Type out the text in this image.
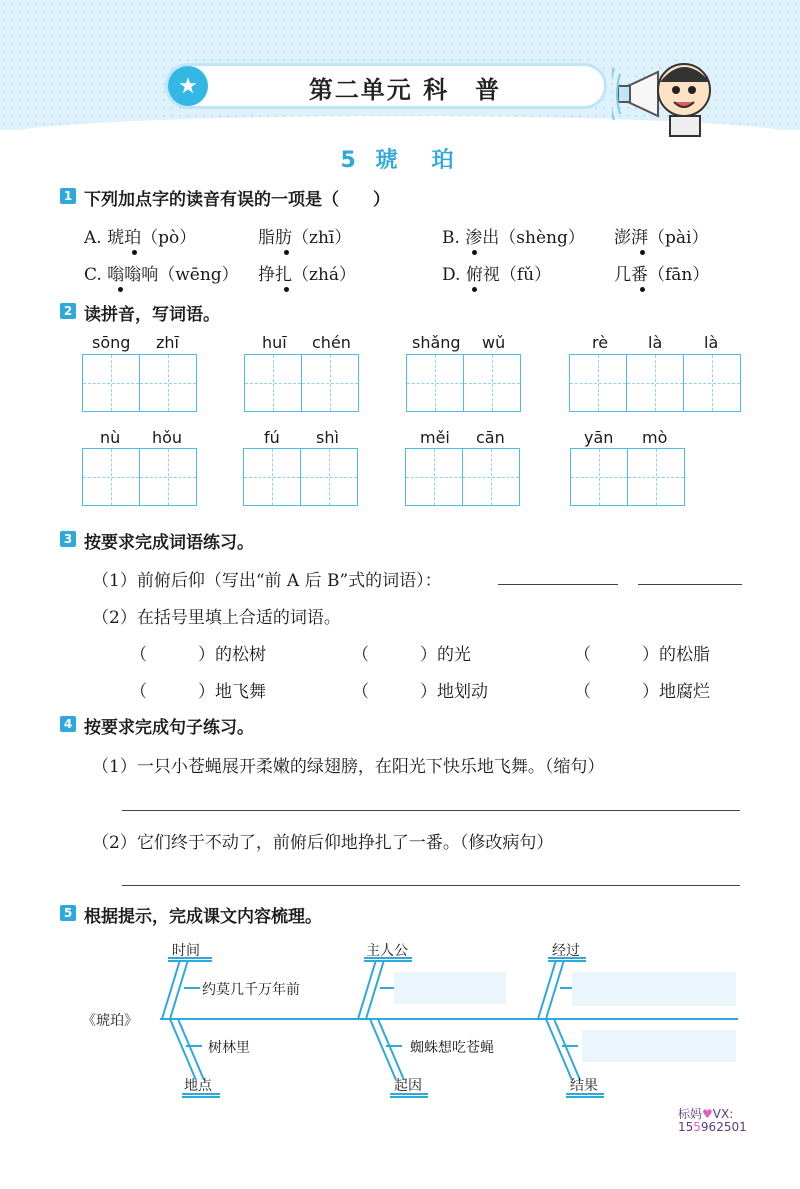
★	第二单元 科　普
5 琥　珀
1 下列加点字的读音有误的一项是（　　）
A. 琥珀（pò）	脂肪（zhī）	B. 渗出（shèng） 澎湃（pài）
C. 嗡嗡响（wēng） 挣扎（zhá）	D. 俯视（fǔ）	几番（fān）
2 读拼音，写词语。
sōng zhī	huī chén	shǎng wǔ	rè là	là
nù hǒu	fú shì	měi cān	yān mò
3 按要求完成词语练习。
（1）前俯后仰（写出“前 A 后 B”式的词语）：
（2）在括号里填上合适的词语。
（　　　）的松树	（　　　）的光	（　　　）的松脂
（　　　）地飞舞	（　　　）地划动	（　　　）地腐烂
4 按要求完成句子练习。
（1）一只小苍蝇展开柔嫩的绿翅膀，在阳光下快乐地飞舞。（缩句）
（2）它们终于不动了，前俯后仰地挣扎了一番。（修改病句）
5 根据提示，完成课文内容梳理。
《琥珀》
时间	主人公	经过
地点	起因	结果
约莫几千万年前
树林里	蜘蛛想吃苍蝇
标妈♥VX:
155962501
